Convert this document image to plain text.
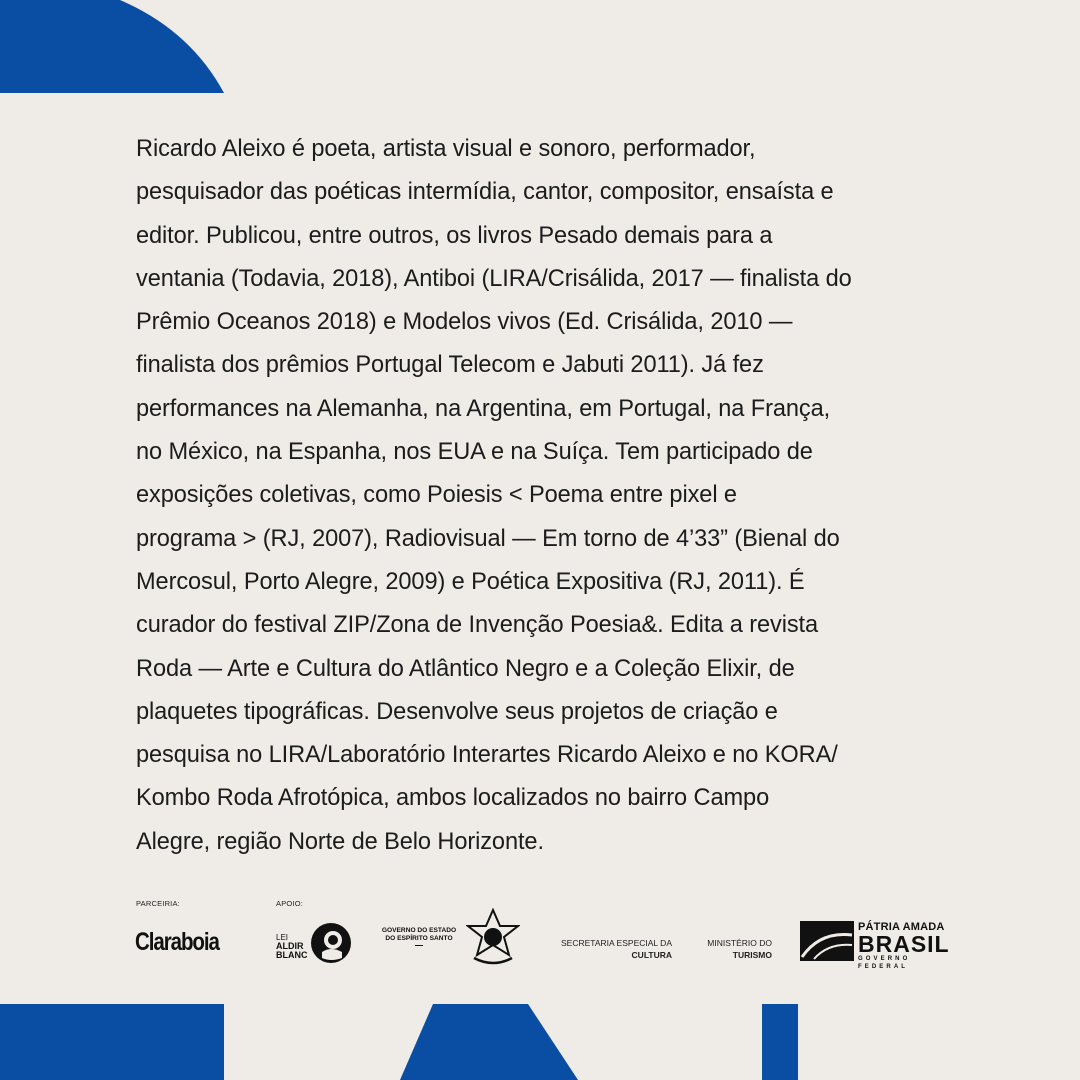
Ricardo Aleixo é poeta, artista visual e sonoro, performador,
pesquisador das poéticas intermídia, cantor, compositor, ensaísta e
editor. Publicou, entre outros, os livros Pesado demais para a
ventania (Todavia, 2018), Antiboi (LIRA/Crisálida, 2017 — finalista do
Prêmio Oceanos 2018) e Modelos vivos (Ed. Crisálida, 2010 —
finalista dos prêmios Portugal Telecom e Jabuti 2011). Já fez
performances na Alemanha, na Argentina, em Portugal, na França,
no México, na Espanha, nos EUA e na Suíça. Tem participado de
exposições coletivas, como Poiesis < Poema entre pixel e
programa > (RJ, 2007), Radiovisual — Em torno de 4’33” (Bienal do
Mercosul, Porto Alegre, 2009) e Poética Expositiva (RJ, 2011). É
curador do festival ZIP/Zona de Invenção Poesia&. Edita a revista
Roda — Arte e Cultura do Atlântico Negro e a Coleção Elixir, de
plaquetes tipográficas. Desenvolve seus projetos de criação e
pesquisa no LIRA/Laboratório Interartes Ricardo Aleixo e no KORA/
Kombo Roda Afrotópica, ambos localizados no bairro Campo
Alegre, região Norte de Belo Horizonte.

PARCEIRIA:	APOIO:
Claraboia	LEI
ALDIR
BLANC
GOVERNO DO ESTADO
DO ESPÍRITO SANTO	SECRETARIA ESPECIAL DA
CULTURA
MINISTÉRIO DO
TURISMO
PÁTRIA AMADA
BRASIL
GOVERNO FEDERAL
